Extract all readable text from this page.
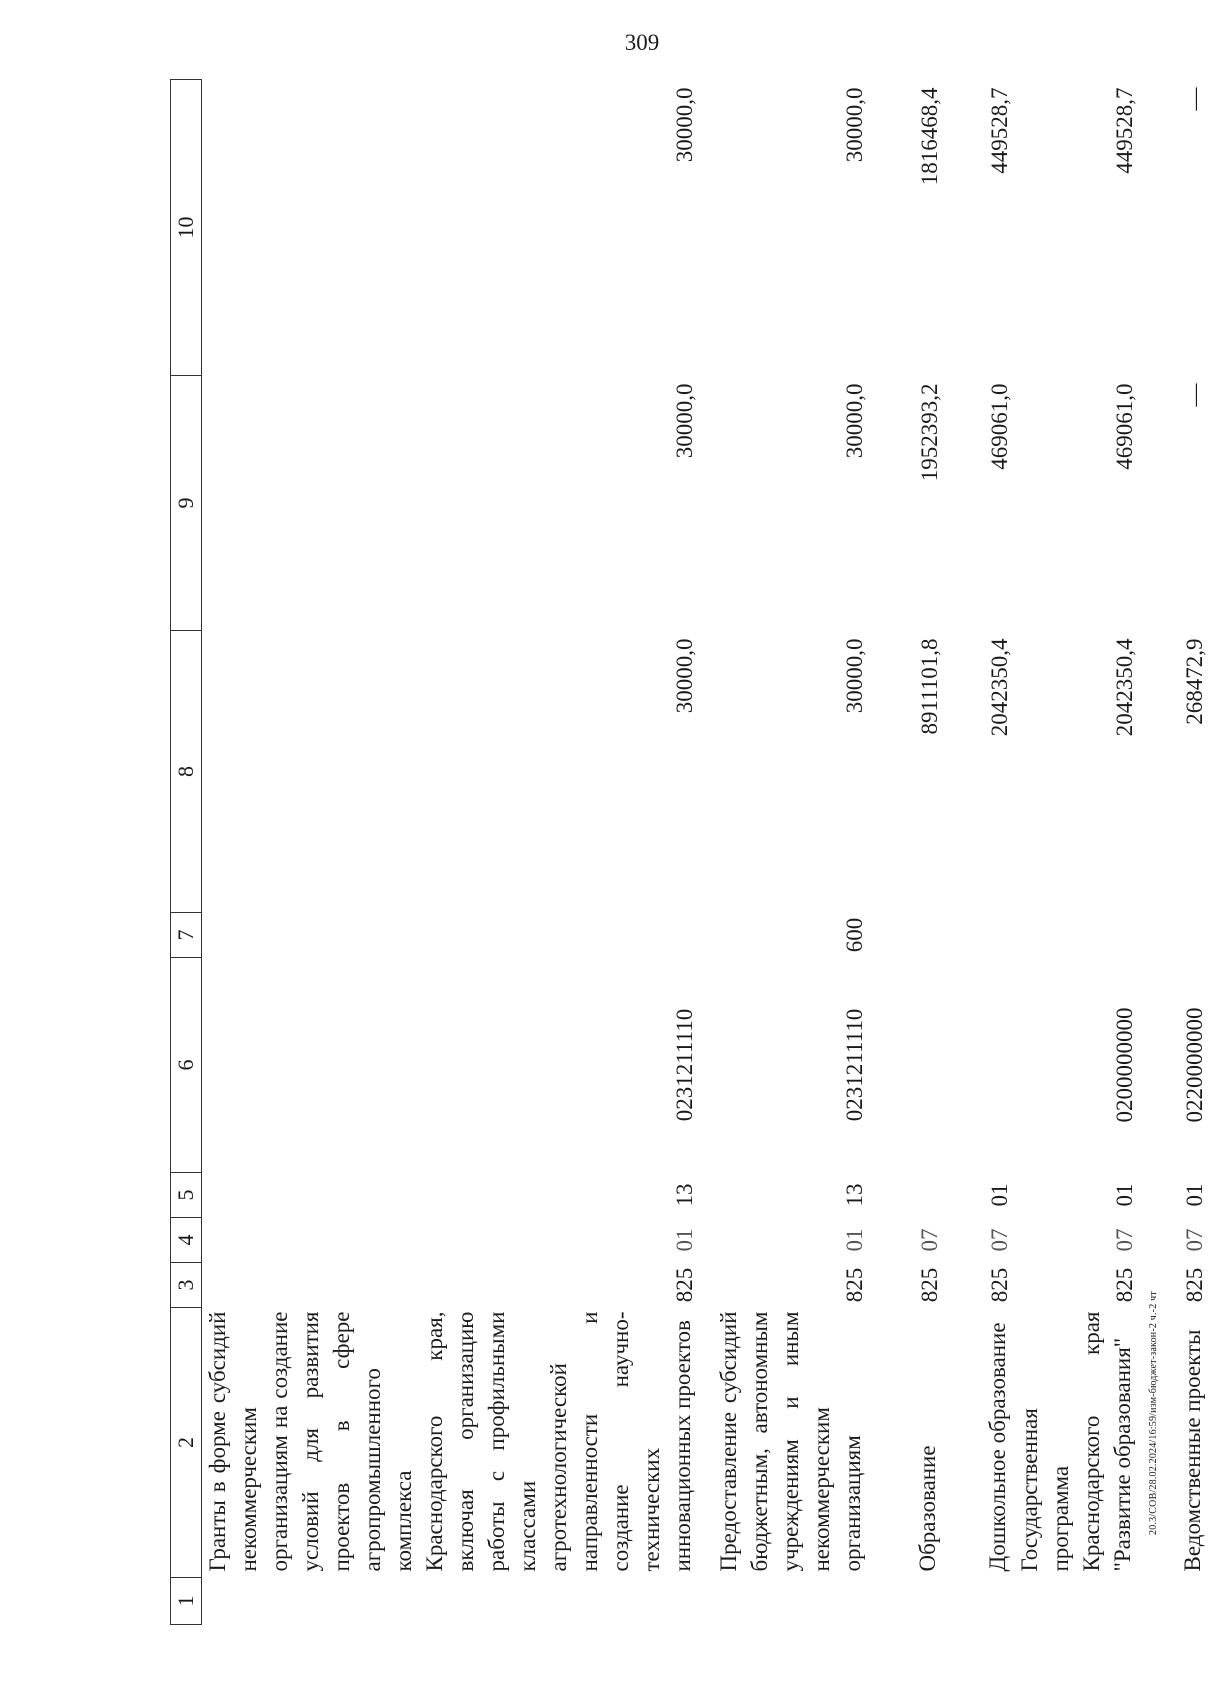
309
20.3/СОВ/28.02.2024/16:59/изм-бюджет-закон-2 ч.-2 чт
1	2	3	4	5	6	7	8	9	10
	Гранты в форме субсидий некоммерческим организациям на создание условий для развития проектов в сфере агропромышленного комплекса Краснодарского края, включая организацию работы с профильными классами агротехнологической направленности и создание научно-технических инновационных проектов	825	01	13	0231211110		30000,0	30000,0	30000,0
	Предоставление субсидий бюджетным, автономным учреждениям и иным некоммерческим организациям	825	01	13	0231211110	600	30000,0	30000,0	30000,0
	Образование	825	07				8911101,8	1952393,2	1816468,4
	Дошкольное образование	825	07	01			2042350,4	469061,0	449528,7
	Государственная программа Краснодарского края "Развитие образования"	825	07	01	0200000000		2042350,4	469061,0	449528,7
	Ведомственные проекты	825	07	01	0220000000		268472,9	—	—
